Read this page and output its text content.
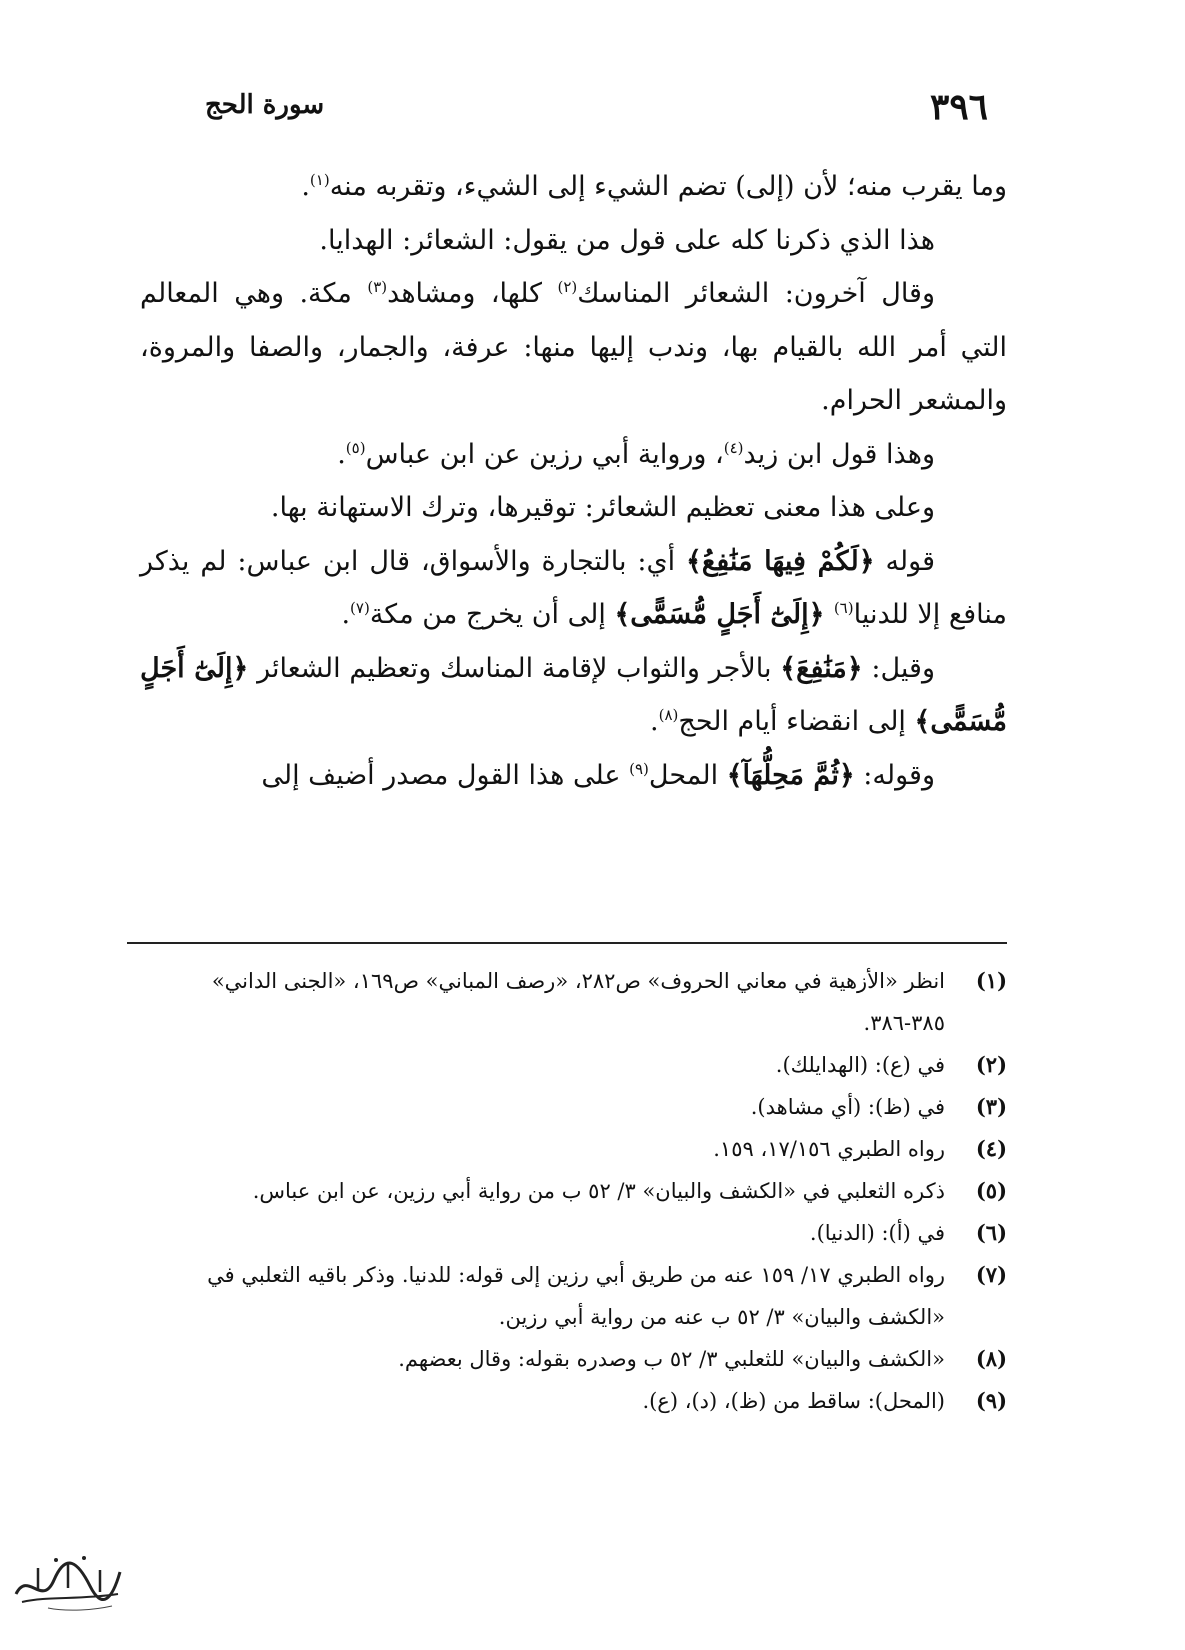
٣٩٦
سورة الحج

وما يقرب منه؛ لأن (إلى) تضم الشيء إلى الشيء، وتقربه منه$^{(١)}$.

هذا الذي ذكرنا كله على قول من يقول: الشعائر: الهدايا.

وقال آخرون: الشعائر المناسك$^{(٢)}$ كلها، ومشاهد$^{(٣)}$ مكة. وهي المعالم التي أمر الله بالقيام بها، وندب إليها منها: عرفة، والجمار، والصفا والمروة، والمشعر الحرام.

وهذا قول ابن زيد$^{(٤)}$، ورواية أبي رزين عن ابن عباس$^{(٥)}$.

وعلى هذا معنى تعظيم الشعائر: توقيرها، وترك الاستهانة بها.

قوله ﴿لَكُمْ فِيهَا مَنَٰفِعُ﴾ أي: بالتجارة والأسواق، قال ابن عباس: لم يذكر منافع إلا للدنيا$^{(٦)}$ ﴿إِلَىٰٓ أَجَلٍ مُّسَمًّى﴾ إلى أن يخرج من مكة$^{(٧)}$.

وقيل: ﴿مَنَٰفِعَ﴾ بالأجر والثواب لإقامة المناسك وتعظيم الشعائر ﴿إِلَىٰٓ أَجَلٍ مُّسَمًّى﴾ إلى انقضاء أيام الحج$^{(٨)}$.

وقوله: ﴿ثُمَّ مَحِلُّهَآ﴾ المحل$^{(٩)}$ على هذا القول مصدر أضيف إلى

(١)
انظر «الأزهية في معاني الحروف» ص٢٨٢، «رصف المباني» ص١٦٩، «الجنى الداني» ٣٨٥-٣٨٦.
(٢)
في (ع): (الهدايلك).
(٣)
في (ظ): (أي مشاهد).
(٤)
رواه الطبري ١٧/١٥٦، ١٥٩.
(٥)
ذكره الثعلبي في «الكشف والبيان» ٣/ ٥٢ ب من رواية أبي رزين، عن ابن عباس.
(٦)
في (أ): (الدنيا).
(٧)
رواه الطبري ١٧/ ١٥٩ عنه من طريق أبي رزين إلى قوله: للدنيا. وذكر باقيه الثعلبي في «الكشف والبيان» ٣/ ٥٢ ب عنه من رواية أبي رزين.
(٨)
«الكشف والبيان» للثعلبي ٣/ ٥٢ ب وصدره بقوله: وقال بعضهم.
(٩)
(المحل): ساقط من (ظ)، (د)، (ع).
